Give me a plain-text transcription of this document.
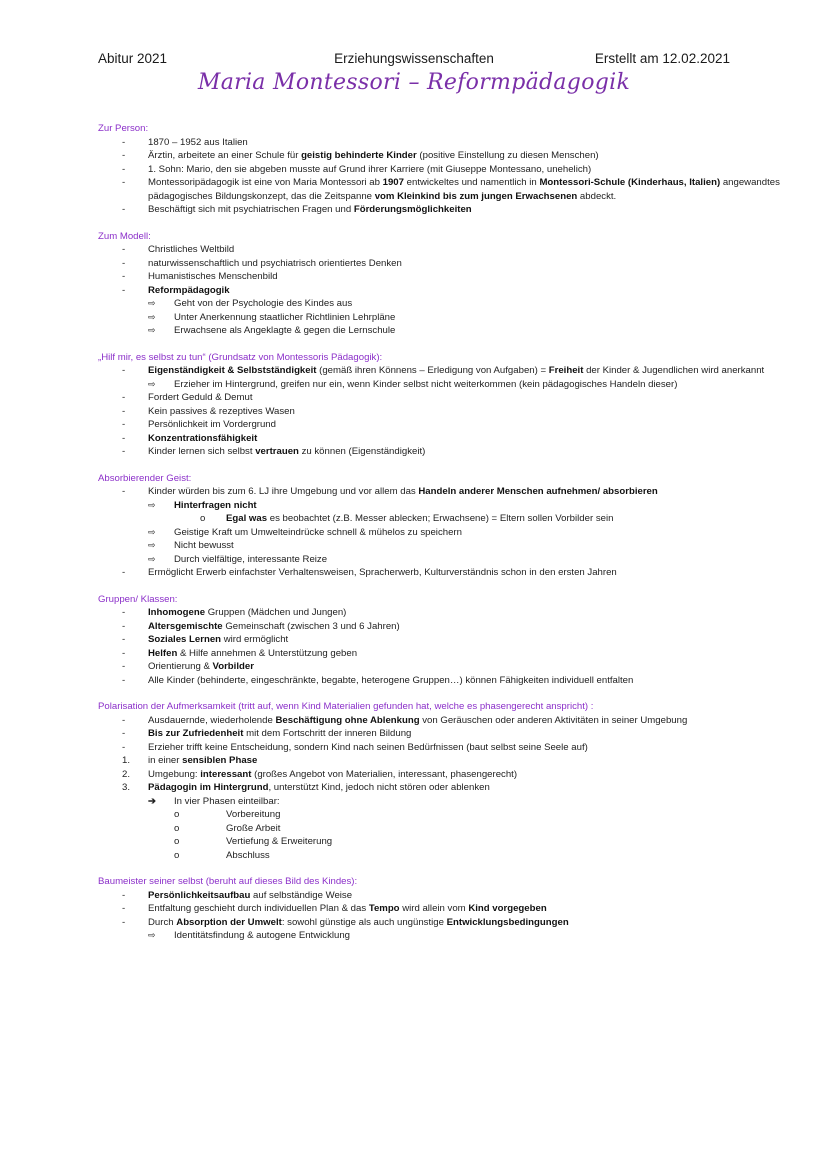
Abitur 2021	Erziehungswissenschaften	Erstellt am 12.02.2021
Maria Montessori – Reformpädagogik
Zur Person:
- 1870 – 1952 aus Italien
- Ärztin, arbeitete an einer Schule für geistig behinderte Kinder (positive Einstellung zu diesen Menschen)
- 1. Sohn: Mario, den sie abgeben musste auf Grund ihrer Karriere (mit Giuseppe Montessano, unehelich)
- Montessoripädagogik ist eine von Maria Montessori ab 1907 entwickeltes und namentlich in Montessori-Schule (Kinderhaus, Italien) angewandtes
pädagogisches Bildungskonzept, das die Zeitspanne vom Kleinkind bis zum jungen Erwachsenen abdeckt.
- Beschäftigt sich mit psychiatrischen Fragen und Förderungsmöglichkeiten
Zum Modell:
- Christliches Weltbild
- naturwissenschaftlich und psychiatrisch orientiertes Denken
- Humanistisches Menschenbild
- Reformpädagogik
⇨ Geht von der Psychologie des Kindes aus
⇨ Unter Anerkennung staatlicher Richtlinien Lehrpläne
⇨ Erwachsene als Angeklagte & gegen die Lernschule
„Hilf mir, es selbst zu tun“ (Grundsatz von Montessoris Pädagogik):
- Eigenständigkeit & Selbstständigkeit (gemäß ihren Könnens – Erledigung von Aufgaben) = Freiheit der Kinder & Jugendlichen wird anerkannt
⇨ Erzieher im Hintergrund, greifen nur ein, wenn Kinder selbst nicht weiterkommen (kein pädagogisches Handeln dieser)
- Fordert Geduld & Demut
- Kein passives & rezeptives Wasen
- Persönlichkeit im Vordergrund
- Konzentrationsfähigkeit
- Kinder lernen sich selbst vertrauen zu können (Eigenständigkeit)
Absorbierender Geist:
- Kinder würden bis zum 6. LJ ihre Umgebung und vor allem das Handeln anderer Menschen aufnehmen/ absorbieren
⇨ Hinterfragen nicht
o Egal was es beobachtet (z.B. Messer ablecken; Erwachsene) = Eltern sollen Vorbilder sein
⇨ Geistige Kraft um Umwelteindrücke schnell & mühelos zu speichern
⇨ Nicht bewusst
⇨ Durch vielfältige, interessante Reize
- Ermöglicht Erwerb einfachster Verhaltensweisen, Spracherwerb, Kulturverständnis schon in den ersten Jahren
Gruppen/ Klassen:
- Inhomogene Gruppen (Mädchen und Jungen)
- Altersgemischte Gemeinschaft (zwischen 3 und 6 Jahren)
- Soziales Lernen wird ermöglicht
- Helfen & Hilfe annehmen & Unterstützung geben
- Orientierung & Vorbilder
- Alle Kinder (behinderte, eingeschränkte, begabte, heterogene Gruppen…) können Fähigkeiten individuell entfalten
Polarisation der Aufmerksamkeit (tritt auf, wenn Kind Materialien gefunden hat, welche es phasengerecht anspricht) :
- Ausdauernde, wiederholende Beschäftigung ohne Ablenkung von Geräuschen oder anderen Aktivitäten in seiner Umgebung
- Bis zur Zufriedenheit mit dem Fortschritt der inneren Bildung
- Erzieher trifft keine Entscheidung, sondern Kind nach seinen Bedürfnissen (baut selbst seine Seele auf)
1. in einer sensiblen Phase
2. Umgebung: interessant (großes Angebot von Materialien, interessant, phasengerecht)
3. Pädagogin im Hintergrund, unterstützt Kind, jedoch nicht stören oder ablenken
➔ In vier Phasen einteilbar:
o	Vorbereitung
o	Große Arbeit
o	Vertiefung & Erweiterung
o	Abschluss
Baumeister seiner selbst (beruht auf dieses Bild des Kindes):
- Persönlichkeitsaufbau auf selbständige Weise
- Entfaltung geschieht durch individuellen Plan & das Tempo wird allein vom Kind vorgegeben
- Durch Absorption der Umwelt: sowohl günstige als auch ungünstige Entwicklungsbedingungen
⇨ Identitätsfindung & autogene Entwicklung
